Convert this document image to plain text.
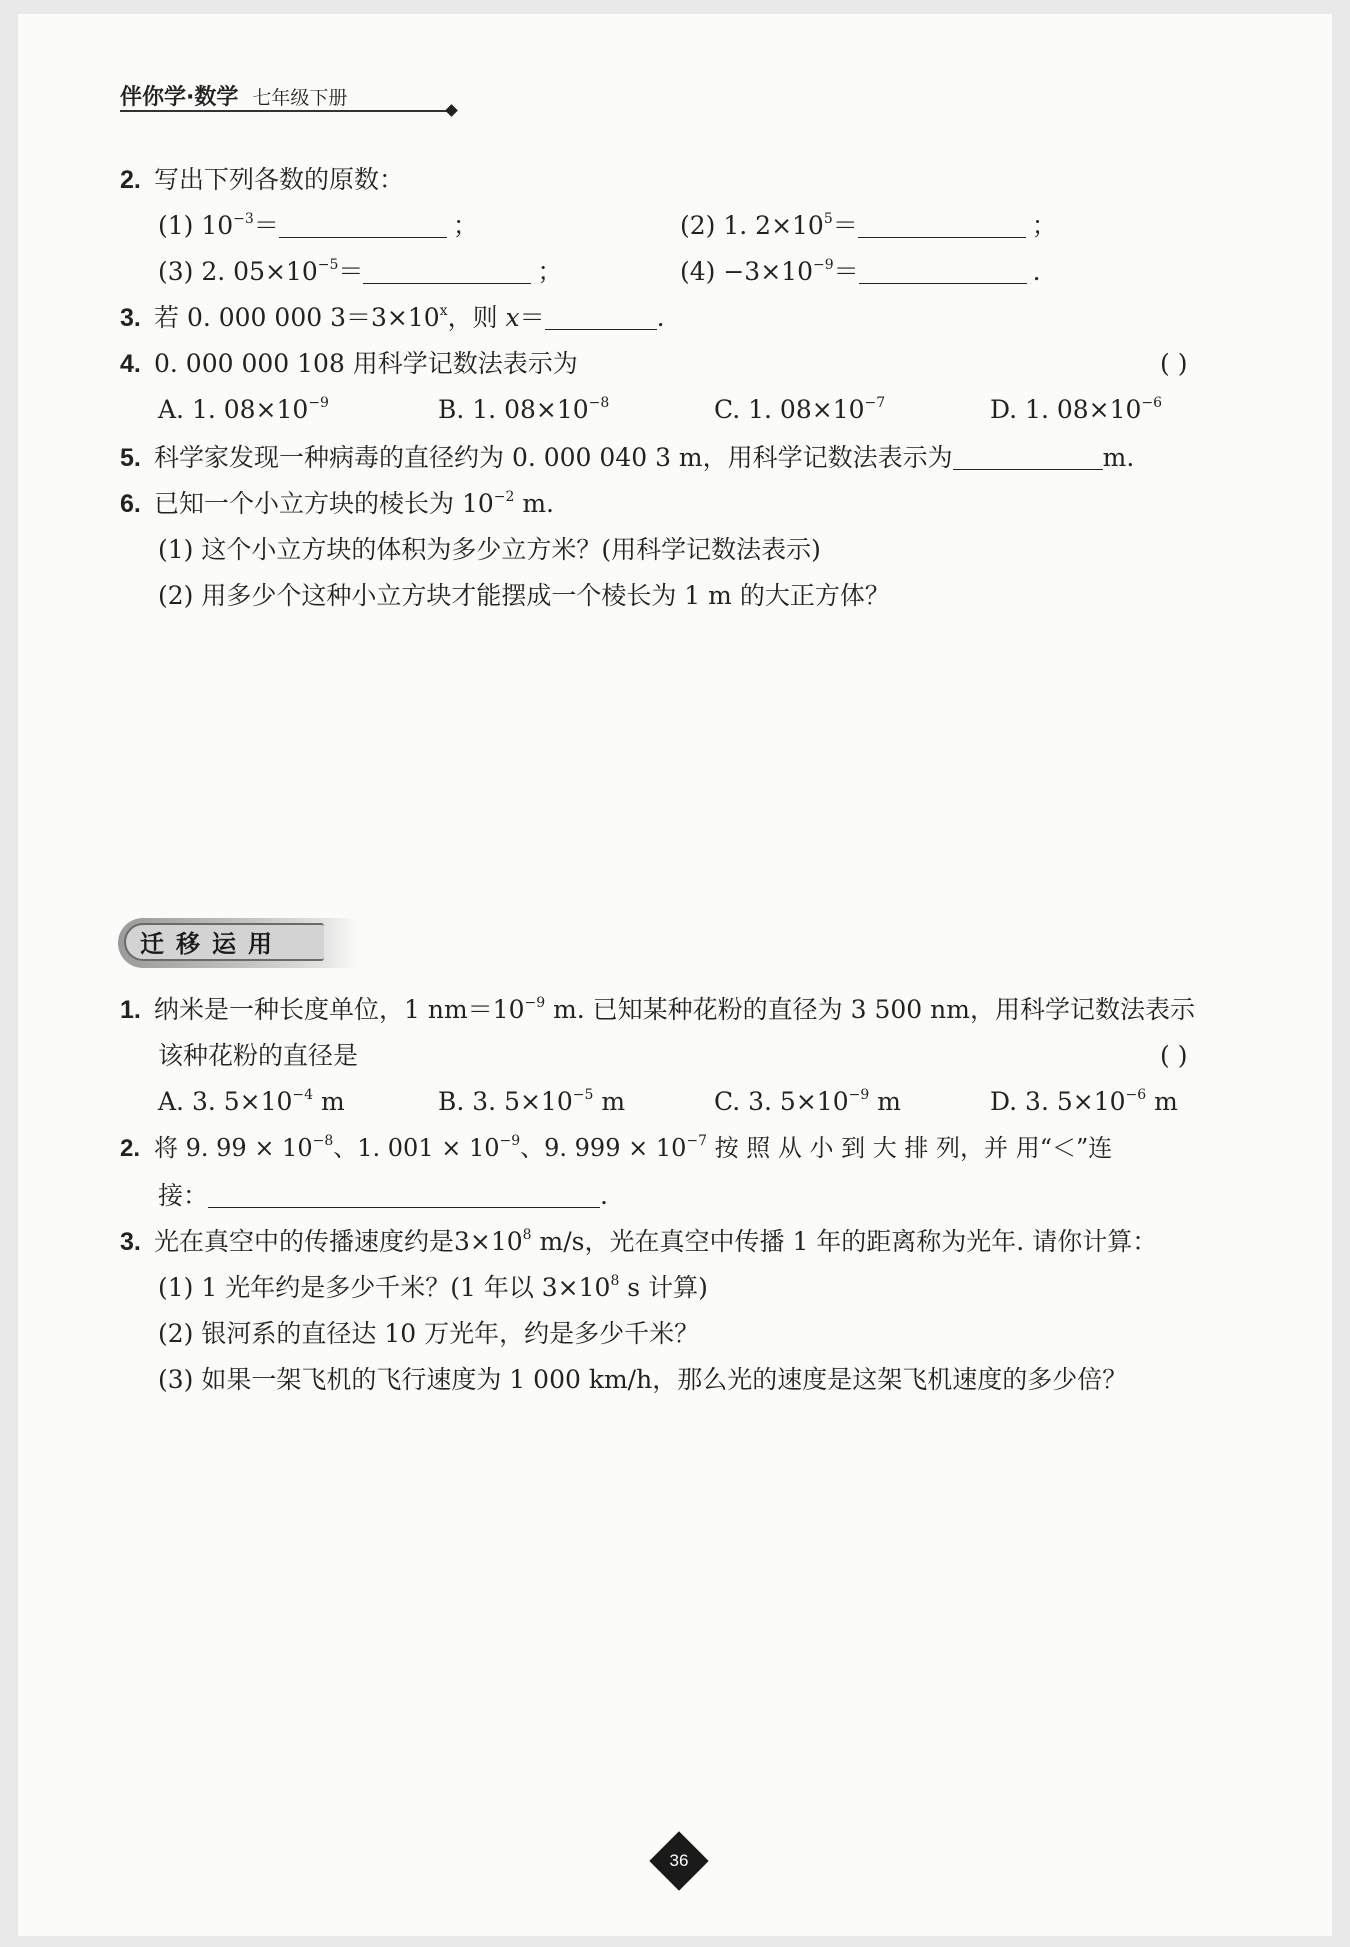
伴你学·数学 七年级下册
2. 写出下列各数的原数：
(1) $10^{-3}=$	；	(2) 1. $2\times 10^5=$	；
(3) 2. $05\times 10^{-5}=$	；	$(4) -3\times 10^{-9}=$	.
3. 若 0. 000 000 $3=3\times 10^x$，则 x＝	.
4. 0. 000 000 108 用科学记数法表示为	( )
A. 1. $08\times 10^{-9}$	B. 1. $08\times 10^{-8}$	C. 1. $08\times 10^{-7}$	D. 1. $08\times 10^{-6}$
5. 科学家发现一种病毒的直径约为 0. 000 040 3 m，用科学记数法表示为	m.
6. 已知一个小立方块的棱长为 $10^{-2}$ m.
(1) 这个小立方块的体积为多少立方米？(用科学记数法表示)
(2) 用多少个这种小立方块才能摆成一个棱长为 1 m 的大正方体？
迁移运用
1. 纳米是一种长度单位，1 $nm=10^{-9}$ m. 已知某种花粉的直径为 3 500 nm，用科学记数法表示
该种花粉的直径是	( )
A. 3. $5\times 10^{-4}$ m	B. 3. $5\times 10^{-5}$ m	C. 3. $5\times 10^{-9}$ m	D. 3. $5\times 10^{-6}$ m
2. 将 9. $99 \times 10^{-8}$、1. $001 \times 10^{-9}$、9. $999 \times 10^{-7}$ 按 照 从 小 到 大 排 列，并 用“＜”连
接：	.
3. 光在真空中的传播速度约是$3\times 10^8$ m/s，光在真空中传播 1 年的距离称为光年. 请你计算：
(1) 1 光年约是多少千米？(1 年以 $3\times 10^8$ s 计算)
(2) 银河系的直径达 10 万光年，约是多少千米？
(3) 如果一架飞机的飞行速度为 1 000 km/h，那么光的速度是这架飞机速度的多少倍？
36
